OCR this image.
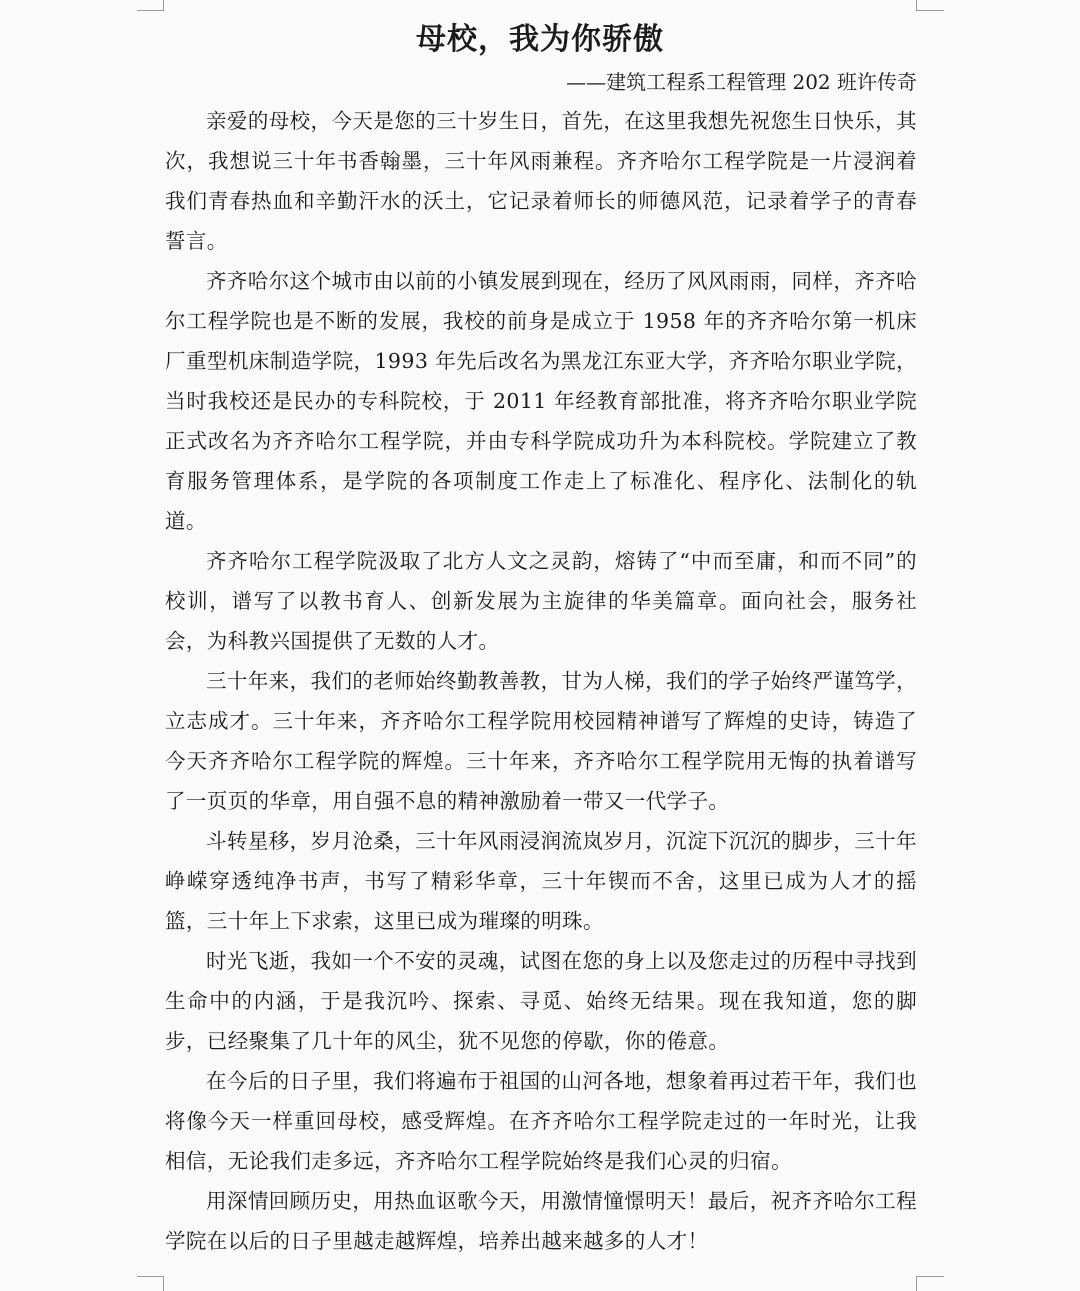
母校，我为你骄傲
——建筑工程系工程管理 202 班许传奇

亲爱的母校，今天是您的三十岁生日，首先，在这里我想先祝您生日快乐，其次，我想说三十年书香翰墨，三十年风雨兼程。齐齐哈尔工程学院是一片浸润着我们青春热血和辛勤汗水的沃土，它记录着师长的师德风范，记录着学子的青春誓言。

齐齐哈尔这个城市由以前的小镇发展到现在，经历了风风雨雨，同样，齐齐哈尔工程学院也是不断的发展，我校的前身是成立于 1958 年的齐齐哈尔第一机床厂重型机床制造学院，1993 年先后改名为黑龙江东亚大学，齐齐哈尔职业学院，当时我校还是民办的专科院校，于 2011 年经教育部批准，将齐齐哈尔职业学院正式改名为齐齐哈尔工程学院，并由专科学院成功升为本科院校。学院建立了教育服务管理体系，是学院的各项制度工作走上了标准化、程序化、法制化的轨道。

齐齐哈尔工程学院汲取了北方人文之灵韵，熔铸了“中而至庸，和而不同”的校训，谱写了以教书育人、创新发展为主旋律的华美篇章。面向社会，服务社会，为科教兴国提供了无数的人才。

三十年来，我们的老师始终勤教善教，甘为人梯，我们的学子始终严谨笃学，立志成才。三十年来，齐齐哈尔工程学院用校园精神谱写了辉煌的史诗，铸造了今天齐齐哈尔工程学院的辉煌。三十年来，齐齐哈尔工程学院用无悔的执着谱写了一页页的华章，用自强不息的精神激励着一带又一代学子。

斗转星移，岁月沧桑，三十年风雨浸润流岚岁月，沉淀下沉沉的脚步，三十年峥嵘穿透纯净书声，书写了精彩华章，三十年锲而不舍，这里已成为人才的摇篮，三十年上下求索，这里已成为璀璨的明珠。

时光飞逝，我如一个不安的灵魂，试图在您的身上以及您走过的历程中寻找到生命中的内涵，于是我沉吟、探索、寻觅、始终无结果。现在我知道，您的脚步，已经聚集了几十年的风尘，犹不见您的停歇，你的倦意。

在今后的日子里，我们将遍布于祖国的山河各地，想象着再过若干年，我们也将像今天一样重回母校，感受辉煌。在齐齐哈尔工程学院走过的一年时光，让我相信，无论我们走多远，齐齐哈尔工程学院始终是我们心灵的归宿。

用深情回顾历史，用热血讴歌今天，用激情憧憬明天！最后，祝齐齐哈尔工程学院在以后的日子里越走越辉煌，培养出越来越多的人才！
